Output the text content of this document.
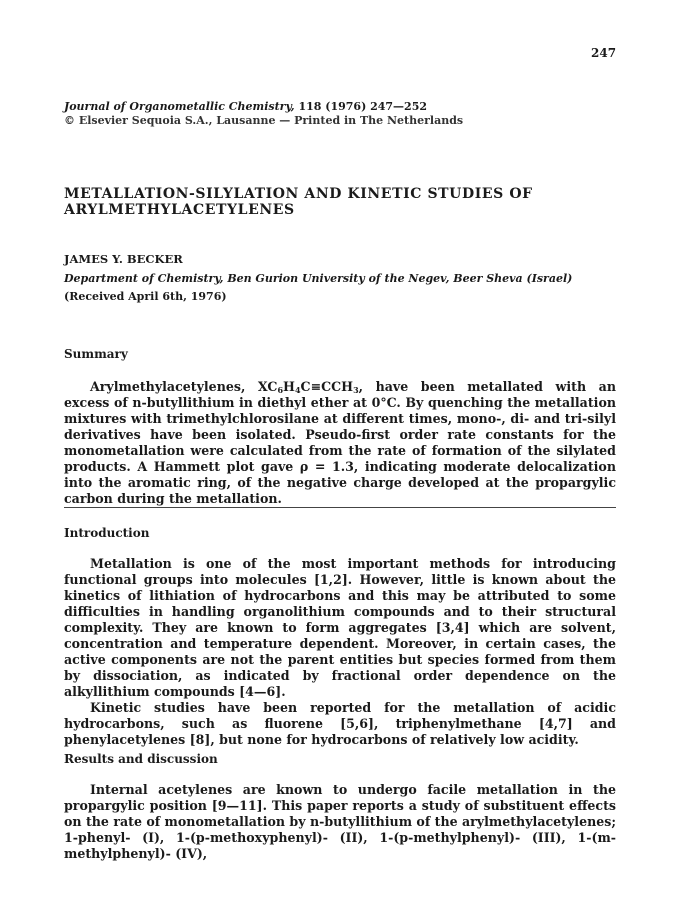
247
Journal of Organometallic Chemistry, 118 (1976) 247—252
© Elsevier Sequoia S.A., Lausanne — Printed in The Netherlands
METALLATION-SILYLATION AND KINETIC STUDIES OF
ARYLMETHYLACETYLENES
JAMES Y. BECKER
Department of Chemistry, Ben Gurion University of the Negev, Beer Sheva (Israel)
(Received April 6th, 1976)
Summary

Arylmethylacetylenes, $XC_6H_4C\equiv CCH_3$, have been metallated with an excess of n-butyllithium in diethyl ether at 0°C. By quenching the metallation mixtures with trimethylchlorosilane at different times, mono-, di- and tri-silyl derivatives have been isolated. Pseudo-first order rate constants for the monometallation were calculated from the rate of formation of the silylated products. A Hammett plot gave ρ = 1.3, indicating moderate delocalization into the aromatic ring, of the negative charge developed at the propargylic carbon during the metallation.

Introduction

Metallation is one of the most important methods for introducing functional groups into molecules [1,2]. However, little is known about the kinetics of lithiation of hydrocarbons and this may be attributed to some difficulties in handling organolithium compounds and to their structural complexity. They are known to form aggregates [3,4] which are solvent, concentration and temperature dependent. Moreover, in certain cases, the active components are not the parent entities but species formed from them by dissociation, as indicated by fractional order dependence on the alkyllithium compounds [4—6].

Kinetic studies have been reported for the metallation of acidic hydrocarbons, such as fluorene [5,6], triphenylmethane [4,7] and phenylacetylenes [8], but none for hydrocarbons of relatively low acidity.

Results and discussion

Internal acetylenes are known to undergo facile metallation in the propargylic position [9—11]. This paper reports a study of substituent effects on the rate of monometallation by n-butyllithium of the arylmethylacetylenes; 1-phenyl- (I), 1-(p-methoxyphenyl)- (II), 1-(p-methylphenyl)- (III), 1-(m-methylphenyl)- (IV),
